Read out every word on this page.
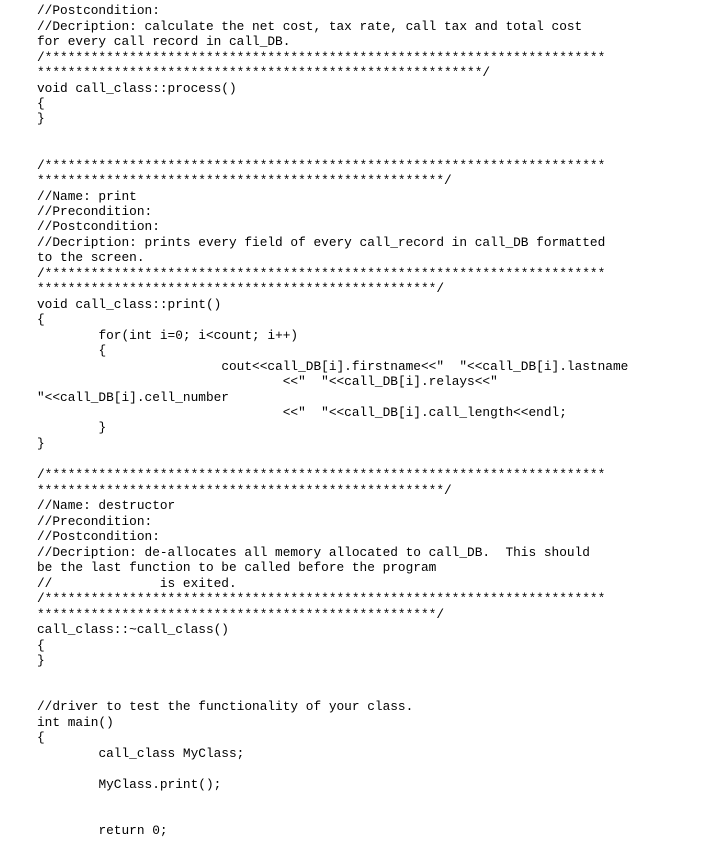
//Postcondition:
//Decription: calculate the net cost, tax rate, call tax and total cost
for every call record in call_DB.
/*************************************************************************
**********************************************************/
void call_class::process()
{
}
/*************************************************************************
*****************************************************/
//Name: print
//Precondition:
//Postcondition:
//Decription: prints every field of every call_record in call_DB formatted
to the screen.
/*************************************************************************
****************************************************/
void call_class::print()
{
	for(int i=0; i<count; i++)
	{
			cout<<call_DB[i].firstname<<"  "<<call_DB[i].lastname
				<<"  "<<call_DB[i].relays<<"
"<<call_DB[i].cell_number
				<<"  "<<call_DB[i].call_length<<endl;
	}
}
/*************************************************************************
*****************************************************/
//Name: destructor
//Precondition:
//Postcondition:
//Decription: de-allocates all memory allocated to call_DB.  This should
be the last function to be called before the program
//		is exited.
/*************************************************************************
****************************************************/
call_class::~call_class()
{
}
//driver to test the functionality of your class.
int main()
{
	call_class MyClass;
	MyClass.print();
	return 0;
